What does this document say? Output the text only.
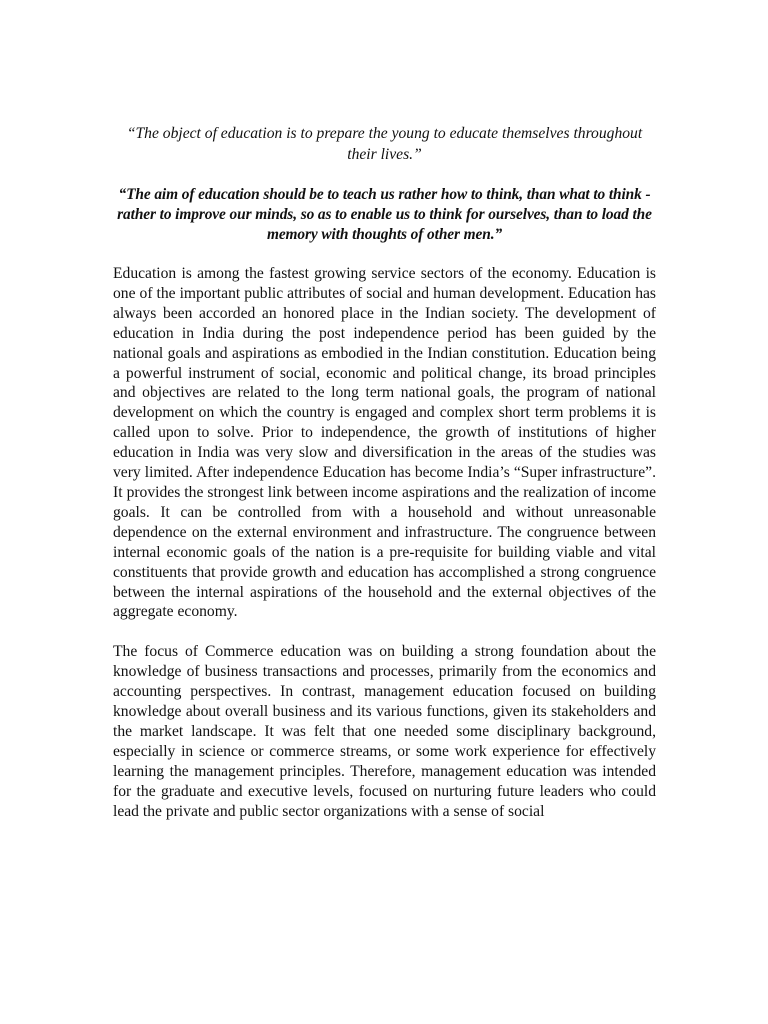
“The object of education is to prepare the young to educate themselves throughout their lives.”

“The aim of education should be to teach us rather how to think, than what to think - rather to improve our minds, so as to enable us to think for ourselves, than to load the memory with thoughts of other men.”

Education is among the fastest growing service sectors of the economy. Education is one of the important public attributes of social and human development. Education has always been accorded an honored place in the Indian society. The development of education in India during the post independence period has been guided by the national goals and aspirations as embodied in the Indian constitution. Education being a powerful instrument of social, economic and political change, its broad principles and objectives are related to the long term national goals, the program of national development on which the country is engaged and complex short term problems it is called upon to solve. Prior to independence, the growth of institutions of higher education in India was very slow and diversification in the areas of the studies was very limited. After independence Education has become India’s “Super infrastructure”. It provides the strongest link between income aspirations and the realization of income goals. It can be controlled from with a household and without unreasonable dependence on the external environment and infrastructure. The congruence between internal economic goals of the nation is a pre-requisite for building viable and vital constituents that provide growth and education has accomplished a strong congruence between the internal aspirations of the household and the external objectives of the aggregate economy.

The focus of Commerce education was on building a strong foundation about the knowledge of business transactions and processes, primarily from the economics and accounting perspectives. In contrast, management education focused on building knowledge about overall business and its various functions, given its stakeholders and the market landscape. It was felt that one needed some disciplinary background, especially in science or commerce streams, or some work experience for effectively learning the management principles. Therefore, management education was intended for the graduate and executive levels, focused on nurturing future leaders who could lead the private and public sector organizations with a sense of social
